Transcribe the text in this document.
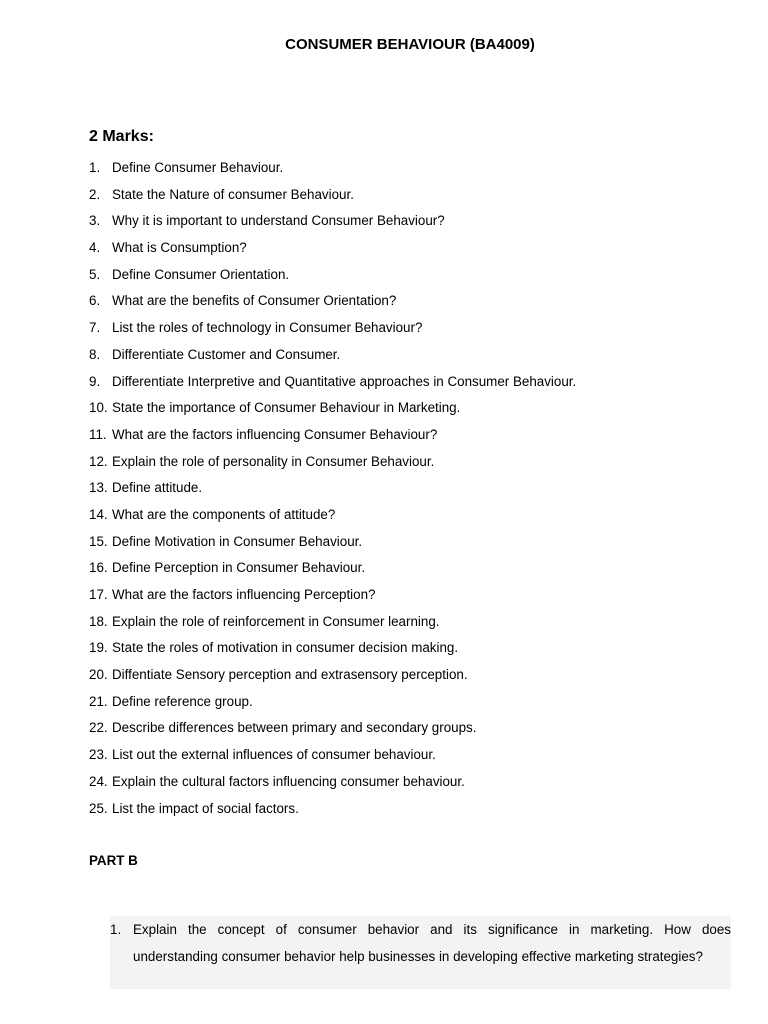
CONSUMER BEHAVIOUR (BA4009)
2 Marks:
1. Define Consumer Behaviour.
2. State the Nature of consumer Behaviour.
3. Why it is important to understand Consumer Behaviour?
4. What is Consumption?
5. Define Consumer Orientation.
6. What are the benefits of Consumer Orientation?
7. List the roles of technology in Consumer Behaviour?
8. Differentiate Customer and Consumer.
9. Differentiate Interpretive and Quantitative approaches in Consumer Behaviour.
10. State the importance of Consumer Behaviour in Marketing.
11. What are the factors influencing Consumer Behaviour?
12. Explain the role of personality in Consumer Behaviour.
13. Define attitude.
14. What are the components of attitude?
15. Define Motivation in Consumer Behaviour.
16. Define Perception in Consumer Behaviour.
17. What are the factors influencing Perception?
18. Explain the role of reinforcement in Consumer learning.
19. State the roles of motivation in consumer decision making.
20. Diffentiate Sensory perception and extrasensory perception.
21. Define reference group.
22. Describe differences between primary and secondary groups.
23. List out the external influences of consumer behaviour.
24. Explain the cultural factors influencing consumer behaviour.
25. List the impact of social factors.
PART B
1. Explain the concept of consumer behavior and its significance in marketing. How does understanding consumer behavior help businesses in developing effective marketing strategies?
